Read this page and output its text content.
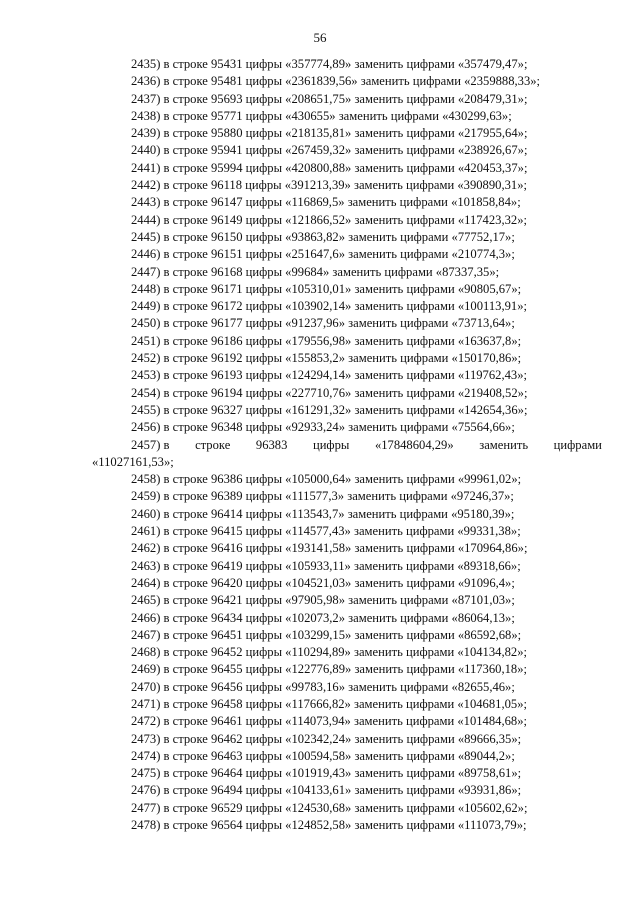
56
2435) в строке 95431 цифры «357774,89» заменить цифрами «357479,47»;
2436) в строке 95481 цифры «2361839,56» заменить цифрами «2359888,33»;
2437) в строке 95693 цифры «208651,75» заменить цифрами «208479,31»;
2438) в строке 95771 цифры «430655» заменить цифрами «430299,63»;
2439) в строке 95880 цифры «218135,81» заменить цифрами «217955,64»;
2440) в строке 95941 цифры «267459,32» заменить цифрами «238926,67»;
2441) в строке 95994 цифры «420800,88» заменить цифрами «420453,37»;
2442) в строке 96118 цифры «391213,39» заменить цифрами «390890,31»;
2443) в строке 96147 цифры «116869,5» заменить цифрами «101858,84»;
2444) в строке 96149 цифры «121866,52» заменить цифрами «117423,32»;
2445) в строке 96150 цифры «93863,82» заменить цифрами «77752,17»;
2446) в строке 96151 цифры «251647,6» заменить цифрами «210774,3»;
2447) в строке 96168 цифры «99684» заменить цифрами «87337,35»;
2448) в строке 96171 цифры «105310,01» заменить цифрами «90805,67»;
2449) в строке 96172 цифры «103902,14» заменить цифрами «100113,91»;
2450) в строке 96177 цифры «91237,96» заменить цифрами «73713,64»;
2451) в строке 96186 цифры «179556,98» заменить цифрами «163637,8»;
2452) в строке 96192 цифры «155853,2» заменить цифрами «150170,86»;
2453) в строке 96193 цифры «124294,14» заменить цифрами «119762,43»;
2454) в строке 96194 цифры «227710,76» заменить цифрами «219408,52»;
2455) в строке 96327 цифры «161291,32» заменить цифрами «142654,36»;
2456) в строке 96348 цифры «92933,24» заменить цифрами «75564,66»;
2457) в строке 96383 цифры «17848604,29» заменить цифрами
«11027161,53»;
2458) в строке 96386 цифры «105000,64» заменить цифрами «99961,02»;
2459) в строке 96389 цифры «111577,3» заменить цифрами «97246,37»;
2460) в строке 96414 цифры «113543,7» заменить цифрами «95180,39»;
2461) в строке 96415 цифры «114577,43» заменить цифрами «99331,38»;
2462) в строке 96416 цифры «193141,58» заменить цифрами «170964,86»;
2463) в строке 96419 цифры «105933,11» заменить цифрами «89318,66»;
2464) в строке 96420 цифры «104521,03» заменить цифрами «91096,4»;
2465) в строке 96421 цифры «97905,98» заменить цифрами «87101,03»;
2466) в строке 96434 цифры «102073,2» заменить цифрами «86064,13»;
2467) в строке 96451 цифры «103299,15» заменить цифрами «86592,68»;
2468) в строке 96452 цифры «110294,89» заменить цифрами «104134,82»;
2469) в строке 96455 цифры «122776,89» заменить цифрами «117360,18»;
2470) в строке 96456 цифры «99783,16» заменить цифрами «82655,46»;
2471) в строке 96458 цифры «117666,82» заменить цифрами «104681,05»;
2472) в строке 96461 цифры «114073,94» заменить цифрами «101484,68»;
2473) в строке 96462 цифры «102342,24» заменить цифрами «89666,35»;
2474) в строке 96463 цифры «100594,58» заменить цифрами «89044,2»;
2475) в строке 96464 цифры «101919,43» заменить цифрами «89758,61»;
2476) в строке 96494 цифры «104133,61» заменить цифрами «93931,86»;
2477) в строке 96529 цифры «124530,68» заменить цифрами «105602,62»;
2478) в строке 96564 цифры «124852,58» заменить цифрами «111073,79»;
